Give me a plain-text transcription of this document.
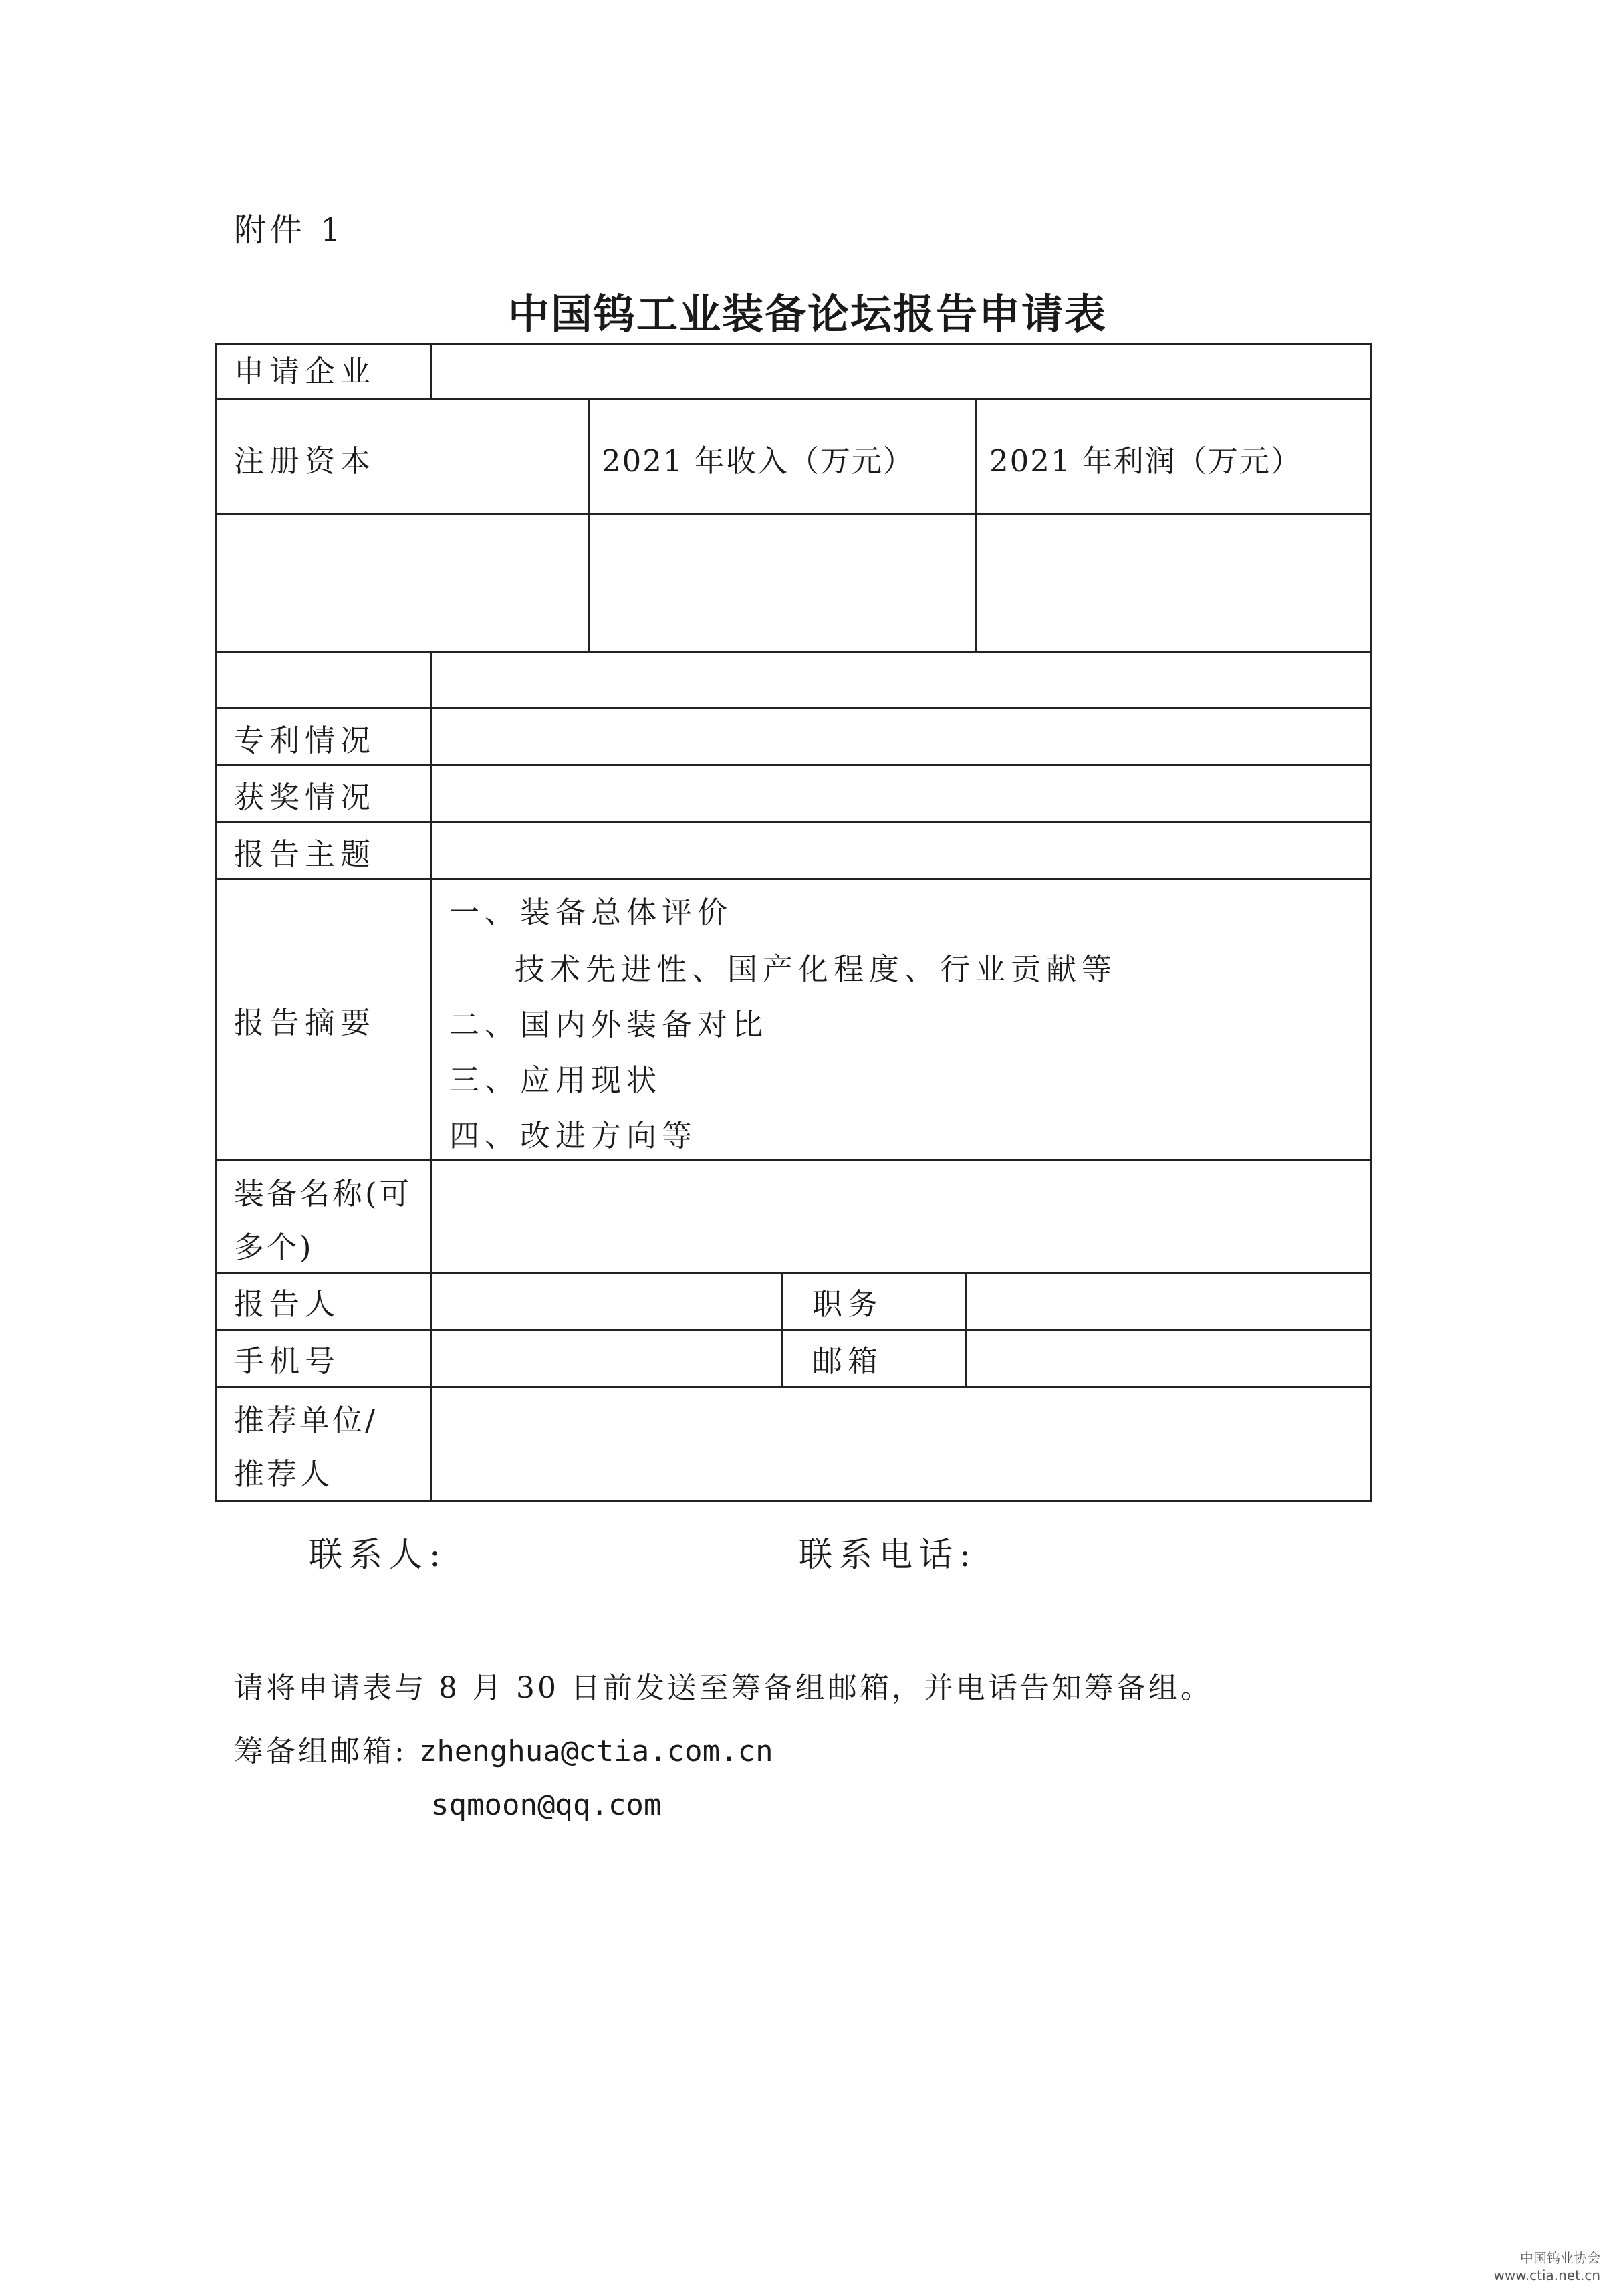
附件 1
中国钨工业装备论坛报告申请表
申请企业
注册资本	2021 年收入（万元） 2021 年利润（万元）
专利情况
获奖情况
报告主题
报告摘要
一、装备总体评价
技术先进性、国产化程度、行业贡献等
二、国内外装备对比
三、应用现状
四、改进方向等
装备名称(可
多个)
报告人	职务
手机号	邮箱
推荐单位/
推荐人
联系人:	联系电话:
请将申请表与 8 月 30 日前发送至筹备组邮箱，并电话告知筹备组。
筹备组邮箱: zhenghua@ctia.com.cn
sqmoon@qq.com
中国钨业协会
www.ctia.net.cn
